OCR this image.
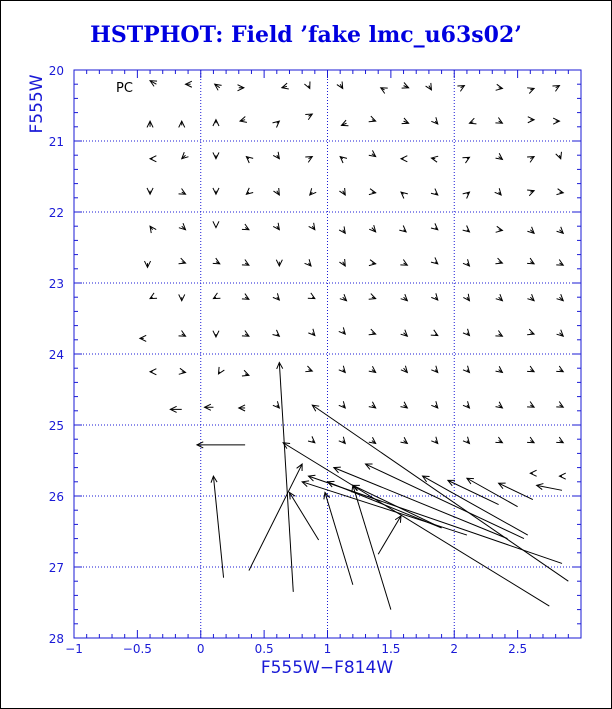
HSTPHOT: Field ’fake lmc_u63s02’
−1	−0.5	0	0.5	1	1.5	2	2.5
20
21
22
23
24
25
26
27
28
PC
F555W−F814W
F555W
